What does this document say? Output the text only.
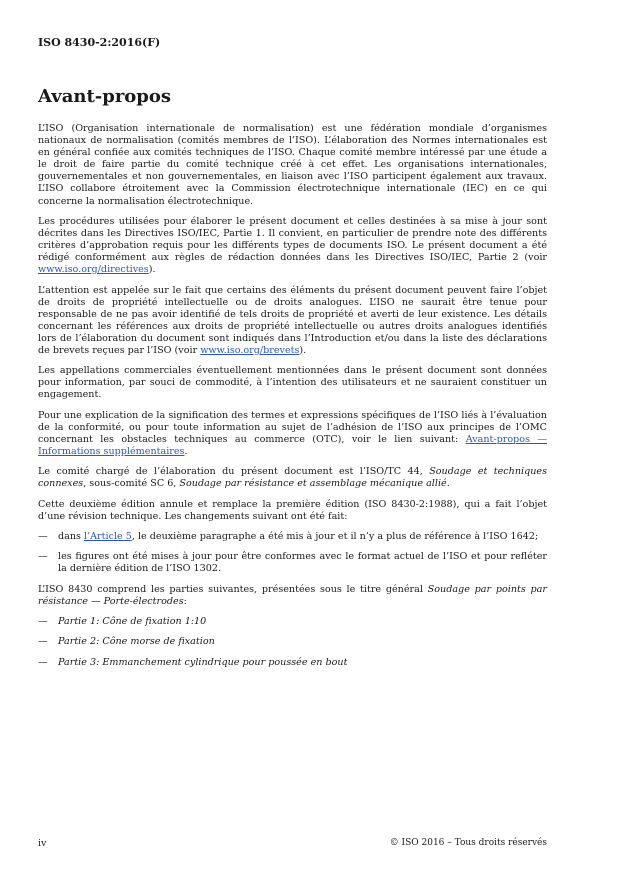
ISO 8430-2:2016(F)
Avant-propos

L’ISO (Organisation internationale de normalisation) est une fédération mondiale d’organismes nationaux de normalisation (comités membres de l’ISO). L’élaboration des Normes internationales est en général confiée aux comités techniques de l’ISO. Chaque comité membre intéressé par une étude a le droit de faire partie du comité technique créé à cet effet. Les organisations internationales, gouvernementales et non gouvernementales, en liaison avec l’ISO participent également aux travaux. L’ISO collabore étroitement avec la Commission électrotechnique internationale (IEC) en ce qui concerne la normalisation électrotechnique.

Les procédures utilisées pour élaborer le présent document et celles destinées à sa mise à jour sont décrites dans les Directives ISO/IEC, Partie 1. Il convient, en particulier de prendre note des différents critères d’approbation requis pour les différents types de documents ISO. Le présent document a été rédigé conformément aux règles de rédaction données dans les Directives ISO/IEC, Partie 2 (voir www.iso.org/directives).

L’attention est appelée sur le fait que certains des éléments du présent document peuvent faire l’objet de droits de propriété intellectuelle ou de droits analogues. L’ISO ne saurait être tenue pour responsable de ne pas avoir identifié de tels droits de propriété et averti de leur existence. Les détails concernant les références aux droits de propriété intellectuelle ou autres droits analogues identifiés lors de l’élaboration du document sont indiqués dans l’Introduction et/ou dans la liste des déclarations de brevets reçues par l’ISO (voir www.iso.org/brevets).

Les appellations commerciales éventuellement mentionnées dans le présent document sont données pour information, par souci de commodité, à l’intention des utilisateurs et ne sauraient constituer un engagement.

Pour une explication de la signification des termes et expressions spécifiques de l’ISO liés à l’évaluation de la conformité, ou pour toute information au sujet de l’adhésion de l’ISO aux principes de l’OMC concernant les obstacles techniques au commerce (OTC), voir le lien suivant: Avant-propos — Informations supplémentaires.

Le comité chargé de l’élaboration du présent document est l’ISO/TC 44, Soudage et techniques connexes, sous-comité SC 6, Soudage par résistance et assemblage mécanique allié.

Cette deuxième édition annule et remplace la première édition (ISO 8430-2:1988), qui a fait l’objet d’une révision technique. Les changements suivant ont été fait:

—	dans l’Article 5, le deuxième paragraphe a été mis à jour et il n’y a plus de référence à l’ISO 1642;
—	les figures ont été mises à jour pour être conformes avec le format actuel de l’ISO et pour refléter la dernière édition de l’ISO 1302.

L’ISO 8430 comprend les parties suivantes, présentées sous le titre général Soudage par points par résistance — Porte-électrodes:

—	Partie 1: Cône de fixation 1:10
—	Partie 2: Cône morse de fixation
—	Partie 3: Emmanchement cylindrique pour poussée en bout
iv	© ISO 2016 – Tous droits réservés
